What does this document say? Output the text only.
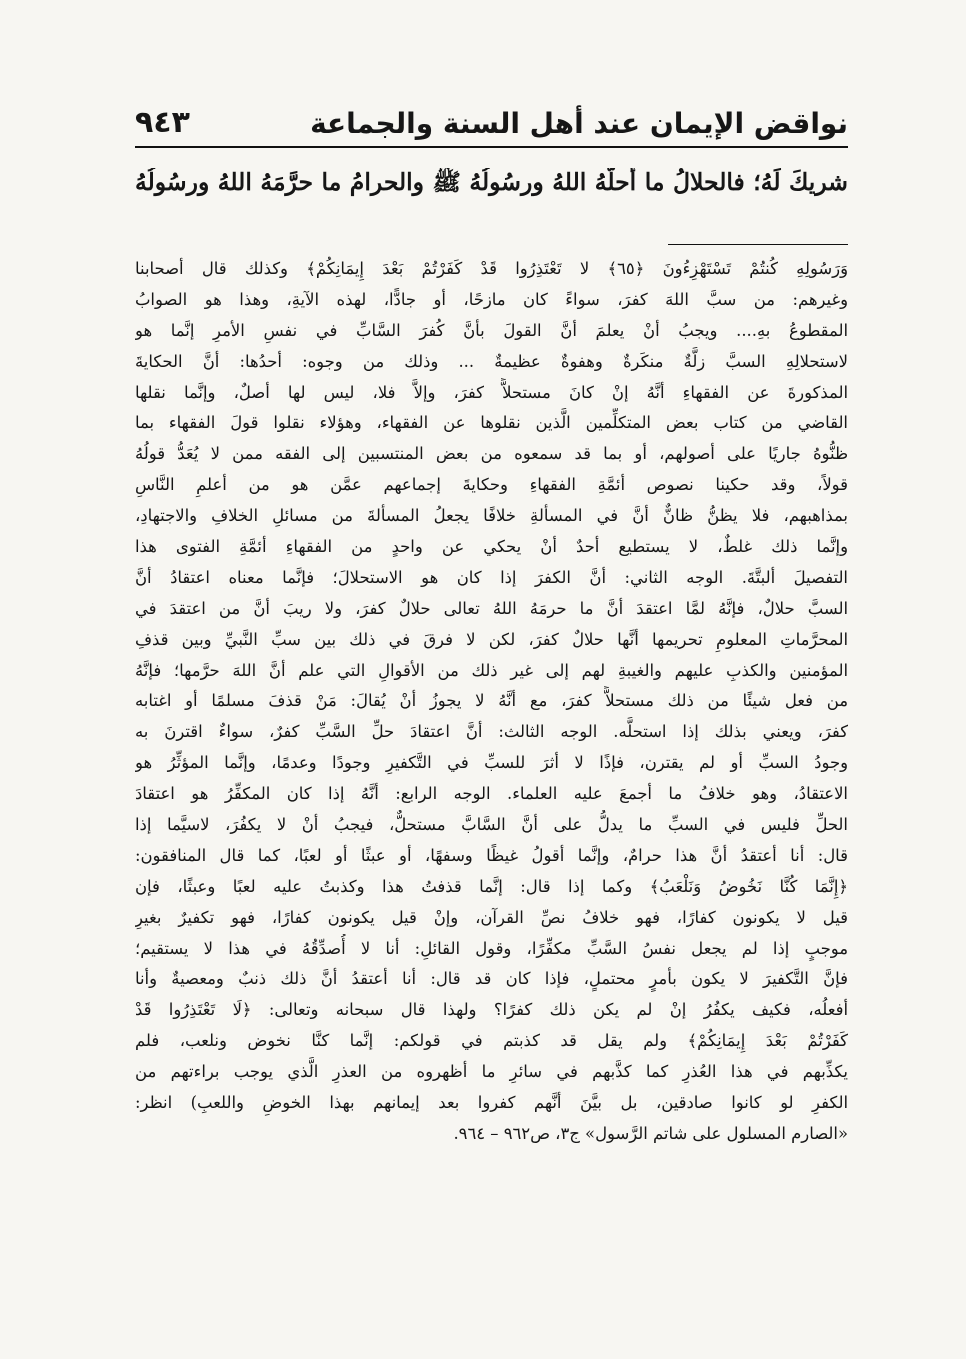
نواقض الإيمان عند أهل السنة والجماعة
٩٤٣
شريكَ لَهُ؛ فالحلالُ ما أَحلَّهُ اللهُ ورسُولُهُ ﷺ والحرامُ ما حرَّمَهُ اللهُ ورسُولُهُ
وَرَسُولِهِ كُنتُمْ تَسْتَهْزِءُونَ ﴿٦٥﴾ لا تَعْتَذِرُوا قَدْ كَفَرْتُمْ بَعْدَ إِيمَانِكُمْ﴾ وكذلك قال أصحابنا
وغيرهم: من سبَّ اللهَ كفرَ، سواءً كان مازحًا، أو جادًّا، لهذه الآيةِ، وهذا هو الصوابُ
المقطوعُ بهِ.... ويجبُ أنْ يعلمَ أنَّ القولَ بأنَّ كُفرَ السَّابِّ في نفسِ الأمرِ إنَّما هو
لاستحلالِهِ السبَّ زلَّةٌ منكَرةٌ وهفوةٌ عظيمةٌ ... وذلك من وجوه: أحدُها: أنَّ الحكايةَ
المذكورةَ عن الفقهاءِ أنَّهُ إنْ كانَ مستحلاًّ كفرَ، وإلاَّ فلا، ليس لها أصلٌ، وإنَّما نقلها
القاضي من كتاب بعض المتكلِّمين الَّذين نقلوها عن الفقهاء، وهؤلاء نقلوا قولَ الفقهاء بما
ظنُّوهُ جاريًا على أصولهم، أو بما قد سمعوه من بعض المنتسبين إلى الفقه ممن لا يُعَدُّ قولُهُ
قولاً، وقد حكينا نصوص أئمَّةِ الفقهاءِ وحكايةَ إجماعهم عمَّن هو من أعلمِ النَّاسِ
بمذاهبهم، فلا يظنُّ ظانٌّ أنَّ في المسألةِ خلافًا يجعلُ المسألةَ من مسائلِ الخلافِ والاجتهادِ،
وإنَّما ذلك غلطٌ، لا يستطيع أحدٌ أنْ يحكي عن واحدٍ من الفقهاءِ أئمَّةِ الفتوى هذا
التفصيلَ ألبتَّةَ. الوجه الثاني: أنَّ الكفرَ إذا كان هو الاستحلالَ؛ فإنَّما معناه اعتقادُ أنَّ
السبَّ حلالٌ، فإنَّهُ لمَّا اعتقدَ أنَّ ما حرمَهُ اللهُ تعالى حلالٌ كفرَ، ولا ريبَ أنَّ من اعتقدَ في
المحرَّماتِ المعلومِ تحريمها أنَّها حلالٌ كفرَ، لكن لا فرقَ في ذلك بين سبِّ النَّبيِّ وبين قذفِ
المؤمنين والكذبِ عليهم والغيبةِ لهم إلى غير ذلك من الأقوالِ التي علم أنَّ اللهَ حرَّمها؛ فإنَّهُ
من فعل شيئًا من ذلك مستحلاًّ كفرَ، مع أنَّهُ لا يجوزُ أنْ يُقالَ: مَنْ قذفَ مسلمًا أو اغتابه
كفرَ، ويعني بذلك إذا استحلَّه. الوجه الثالث: أنَّ اعتقادَ حلِّ السَّبِّ كفرٌ، سواءٌ اقترنَ به
وجودُ السبِّ أو لم يقترن، فإذًا لا أثرَ للسبِّ في التَّكفيرِ وجودًا وعدمًا، وإنَّما المؤثِّرُ هو
الاعتقادُ، وهو خلافُ ما أجمعَ عليه العلماء. الوجه الرابع: أنَّهُ إذا كان المكفِّرُ هو اعتقادَ
الحلِّ فليس في السبِّ ما يدلُّ على أنَّ السَّابَّ مستحلٌّ، فيجبُ أنْ لا يكفُرَ، لاسيَّما إذا
قال: أنا أعتقدُ أنَّ هذا حرامٌ، وإنَّما أقولُ غيظًا وسفهًا، أو عبثًا أو لعبًا، كما قال المنافقون:
﴿إِنَّمَا كُنَّا نَخُوضُ وَنَلْعَبُ﴾ وكما إذا قال: إنَّما قذفتُ هذا وكذبتُ عليه لعبًا وعبثًا، فإن
قيل لا يكونون كفارًا، فهو خلافُ نصِّ القرآن، وإنْ قيل يكونون كفارًا، فهو تكفيرٌ بغيرِ
موجبٍ إذا لم يجعل نفسُ السَّبِّ مكفِّرًا، وقول القائلِ: أنا لا أُصدِّقُهُ في هذا لا يستقيم؛
فإنَّ التَّكفيرَ لا يكون بأمرٍ محتملٍ، فإذا كان قد قال: أنا أعتقدُ أنَّ ذلك ذنبٌ ومعصيةٌ وأنا
أفعلُه، فكيف يكفُرُ إنْ لم يكن ذلك كفرًا؟ ولهذا قال سبحانه وتعالى: ﴿لَا تَعْتَذِرُوا قَدْ
كَفَرْتُمْ بَعْدَ إِيمَانِكُمْ﴾ ولم يقل قد كذبتم في قولكم: إنَّما كنَّا نخوض ونلعب، فلم
يكذِّبهم في هذا العُذرِ كما كذَّبهم في سائرِ ما أظهروه من العذرِ الَّذي يوجب براءتهم من
الكفرِ لو كانوا صادقين، بل بيَّنَ أنَّهم كفروا بعد إيمانهم بهذا الخوضِ واللعبِ) انظر:
«الصارم المسلول على شاتم الرَّسول» ج٣، ص٩٦٢ – ٩٦٤.
